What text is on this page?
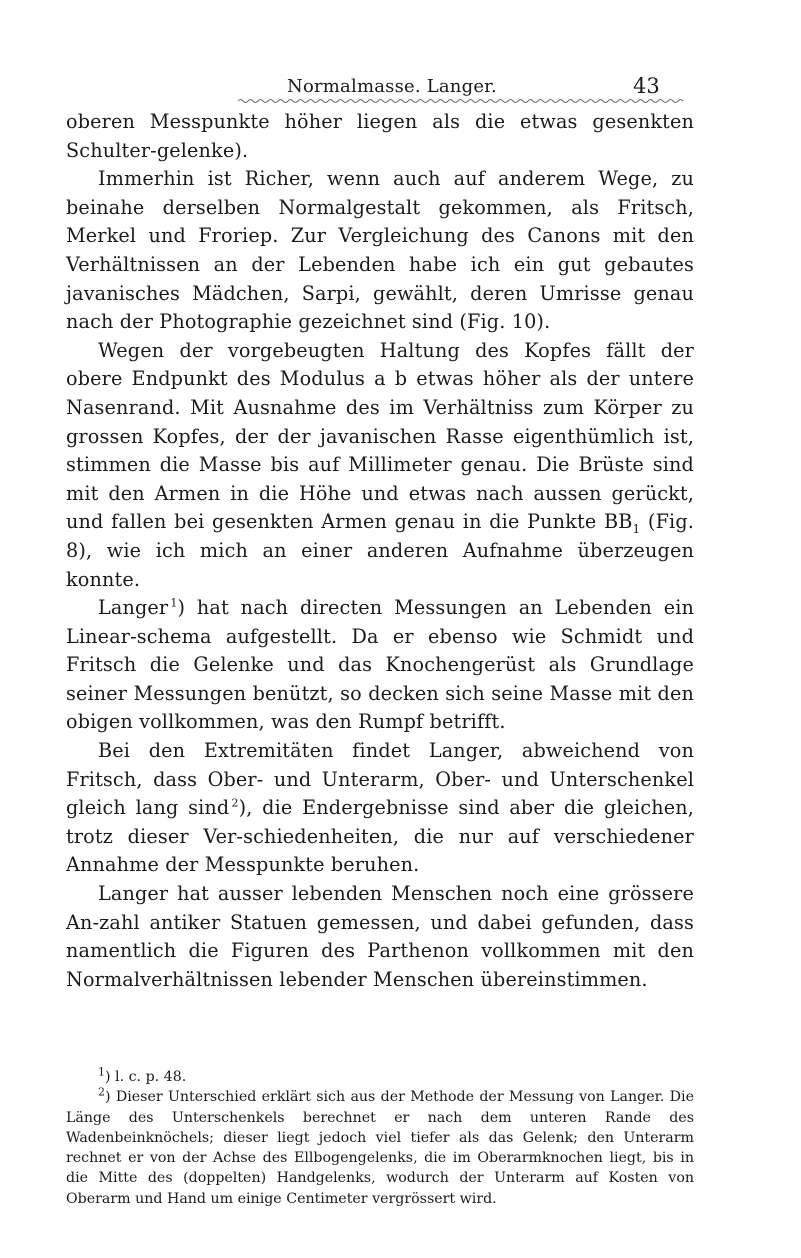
Normalmasse. Langer.	43

oberen Messpunkte höher liegen als die etwas gesenkten Schulter-gelenke).

Immerhin ist Richer, wenn auch auf anderem Wege, zu beinahe derselben Normalgestalt gekommen, als Fritsch, Merkel und Froriep. Zur Vergleichung des Canons mit den Verhältnissen an der Lebenden habe ich ein gut gebautes javanisches Mädchen, Sarpi, gewählt, deren Umrisse genau nach der Photographie gezeichnet sind (Fig. 10).

Wegen der vorgebeugten Haltung des Kopfes fällt der obere Endpunkt des Modulus a b etwas höher als der untere Nasenrand. Mit Ausnahme des im Verhältniss zum Körper zu grossen Kopfes, der der javanischen Rasse eigenthümlich ist, stimmen die Masse bis auf Millimeter genau. Die Brüste sind mit den Armen in die Höhe und etwas nach aussen gerückt, und fallen bei gesenkten Armen genau in die Punkte $BB_1$ (Fig. 8), wie ich mich an einer anderen Aufnahme überzeugen konnte.

Langer  $^1$) hat nach directen Messungen an Lebenden ein Linear-schema aufgestellt. Da er ebenso wie Schmidt und Fritsch die Gelenke und das Knochengerüst als Grundlage seiner Messungen benützt, so decken sich seine Masse mit den obigen vollkommen, was den Rumpf betrifft.

Bei den Extremitäten findet Langer, abweichend von Fritsch, dass Ober- und Unterarm, Ober- und Unterschenkel gleich lang sind  $^2$), die Endergebnisse sind aber die gleichen, trotz dieser Ver-schiedenheiten, die nur auf verschiedener Annahme der Messpunkte beruhen.

Langer hat ausser lebenden Menschen noch eine grössere An-zahl antiker Statuen gemessen, und dabei gefunden, dass namentlich die Figuren des Parthenon vollkommen mit den Normalverhältnissen lebender Menschen übereinstimmen.

$^1$) l. c. p. 48.

$^2$) Dieser Unterschied erklärt sich aus der Methode der Messung von Langer. Die Länge des Unterschenkels berechnet er nach dem unteren Rande des Wadenbeinknöchels; dieser liegt jedoch viel tiefer als das Gelenk; den Unterarm rechnet er von der Achse des Ellbogengelenks, die im Oberarmknochen liegt, bis in die Mitte des (doppelten) Handgelenks, wodurch der Unterarm auf Kosten von Oberarm und Hand um einige Centimeter vergrössert wird.
